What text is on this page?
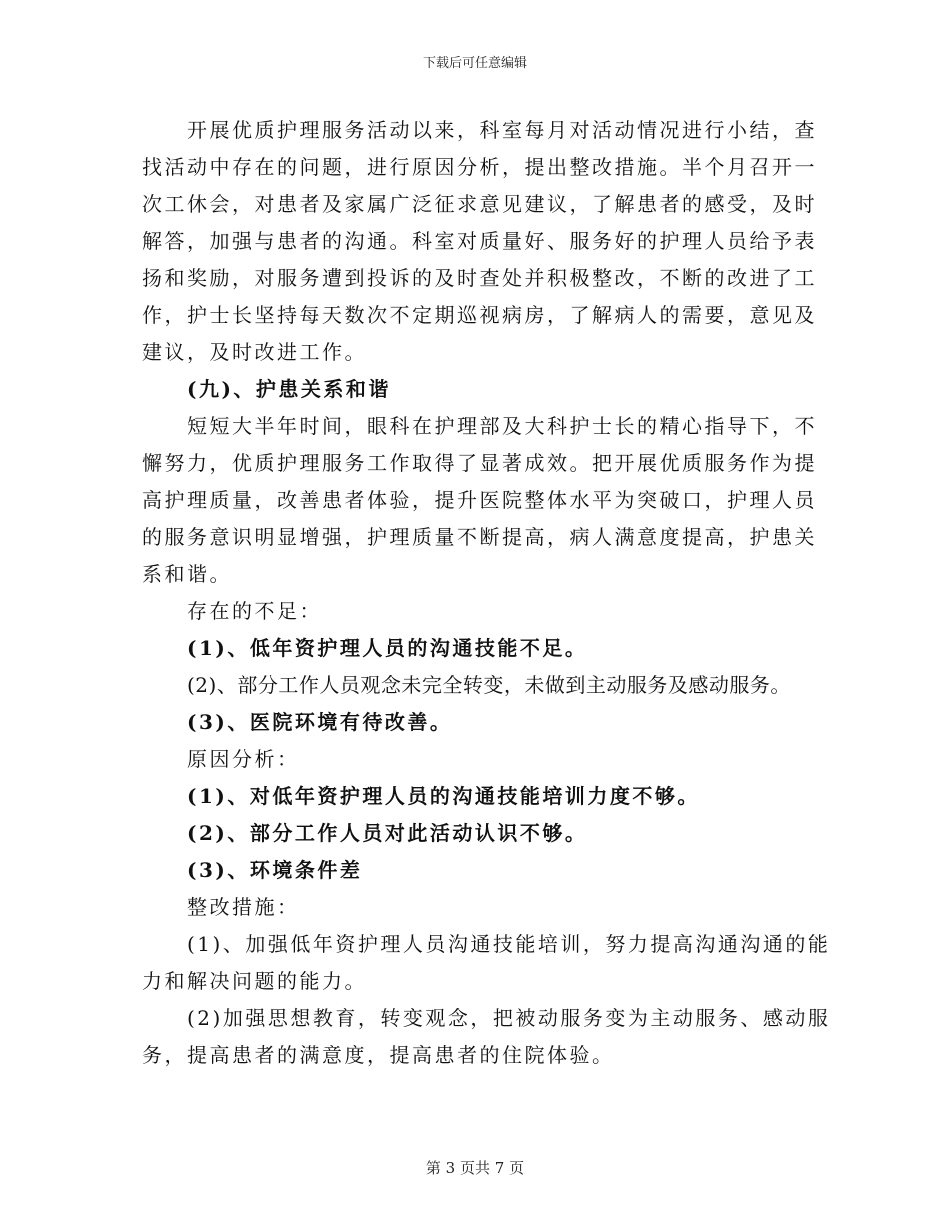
下载后可任意编辑
开展优质护理服务活动以来，科室每月对活动情况进行小结，查
找活动中存在的问题，进行原因分析，提出整改措施。半个月召开一
次工休会，对患者及家属广泛征求意见建议，了解患者的感受，及时
解答，加强与患者的沟通。科室对质量好、服务好的护理人员给予表
扬和奖励，对服务遭到投诉的及时查处并积极整改，不断的改进了工
作，护士长坚持每天数次不定期巡视病房，了解病人的需要，意见及
建议，及时改进工作。
(九)、护患关系和谐
短短大半年时间，眼科在护理部及大科护士长的精心指导下，不
懈努力，优质护理服务工作取得了显著成效。把开展优质服务作为提
高护理质量，改善患者体验，提升医院整体水平为突破口，护理人员
的服务意识明显增强，护理质量不断提高，病人满意度提高，护患关
系和谐。
存在的不足：
(1)、低年资护理人员的沟通技能不足。
(2)、部分工作人员观念未完全转变，未做到主动服务及感动服务。
(3)、医院环境有待改善。
原因分析：
(1)、对低年资护理人员的沟通技能培训力度不够。
(2)、部分工作人员对此活动认识不够。
(3)、环境条件差
整改措施：
(1)、加强低年资护理人员沟通技能培训，努力提高沟通沟通的能
力和解决问题的能力。
(2)加强思想教育，转变观念，把被动服务变为主动服务、感动服
务，提高患者的满意度，提高患者的住院体验。
第 3 页共 7 页
